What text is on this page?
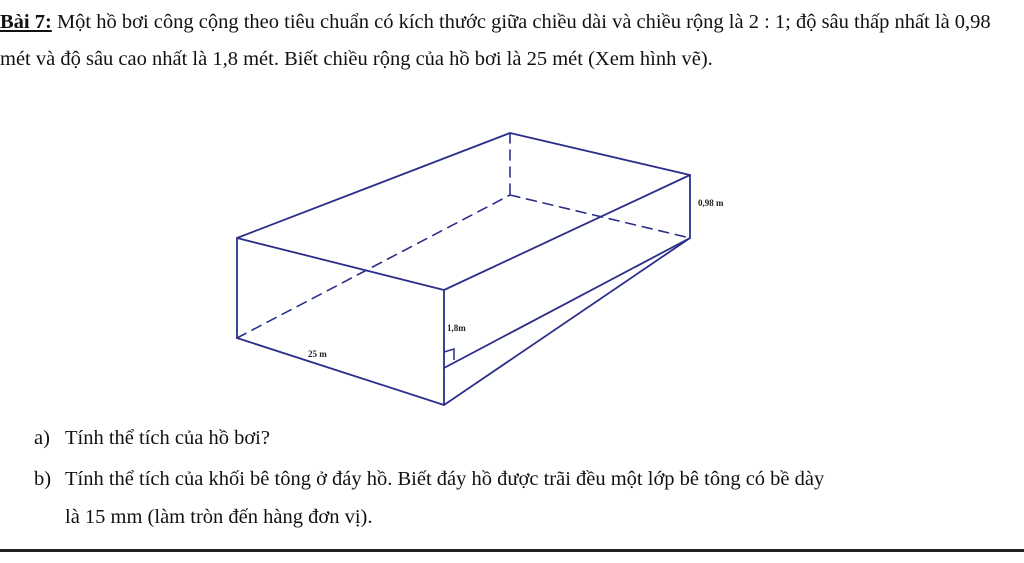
Bài 7: Một hồ bơi công cộng theo tiêu chuẩn có kích thước giữa chiều dài và chiều rộng là 2 : 1; độ sâu thấp nhất là 0,98 mét và độ sâu cao nhất là 1,8 mét. Biết chiều rộng của hồ bơi là 25 mét (Xem hình vẽ).
0,98 m
1,8m
25 m
a) Tính thể tích của hồ bơi?
b) Tính thể tích của khối bê tông ở đáy hồ. Biết đáy hồ được trãi đều một lớp bê tông có bề dày
là 15 mm (làm tròn đến hàng đơn vị).
